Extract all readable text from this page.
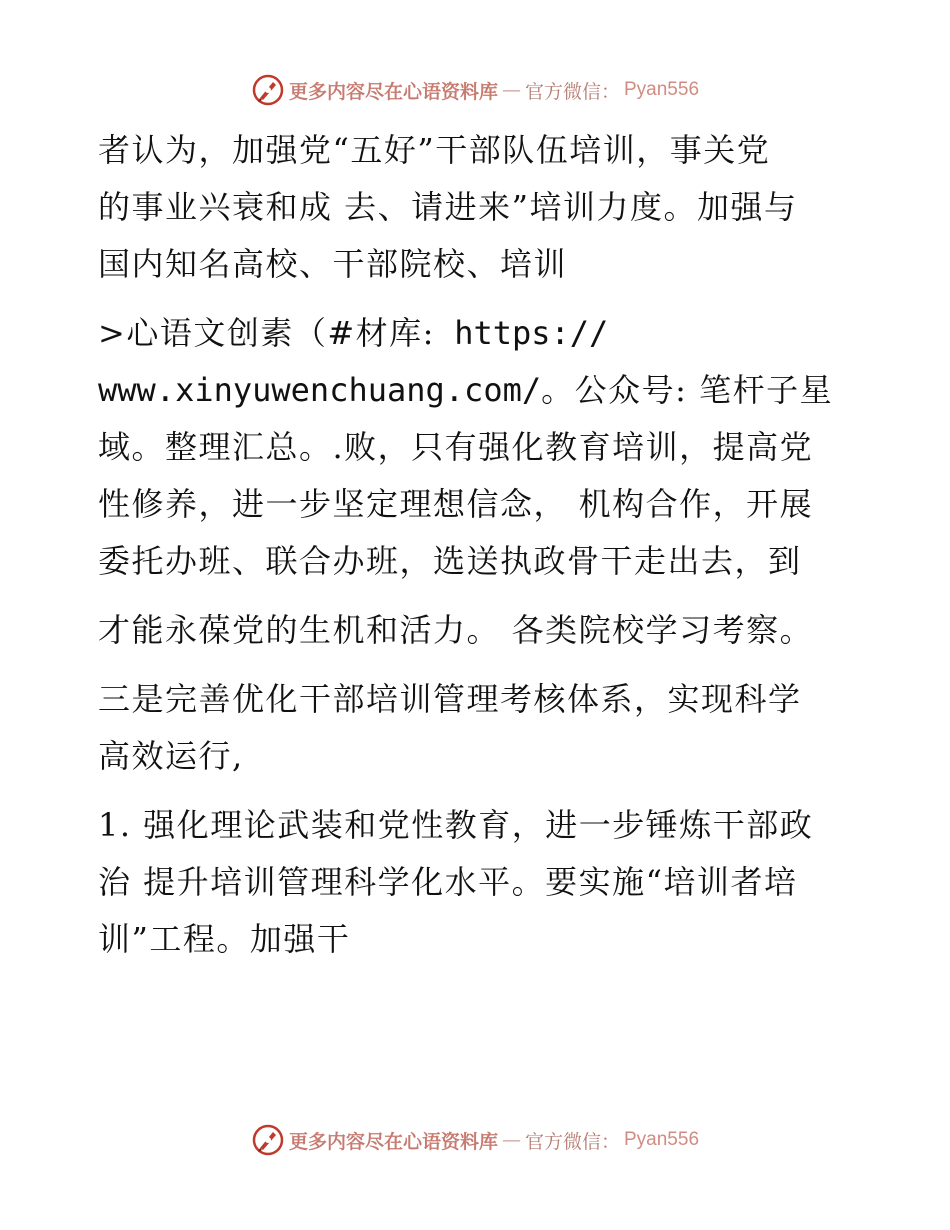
更多内容尽在心语资料库 — 官方微信： Pyan556

者认为，加强党“五好”干部队伍培训，事关党
的事业兴衰和成 去、请进来”培训力度。加强与
国内知名高校、干部院校、培训

>心语文创素（#材库: https://
www.xinyuwenchuang.com/。公众号: 笔杆子星
域。整理汇总。.败，只有强化教育培训，提高党
性修养，进一步坚定理想信念， 机构合作，开展
委托办班、联合办班，选送执政骨干走出去，到

才能永葆党的生机和活力。 各类院校学习考察。

三是完善优化干部培训管理考核体系，实现科学
高效运行,

1. 强化理论武装和党性教育，进一步锤炼干部政
治 提升培训管理科学化水平。要实施“培训者培
训”工程。加强干

更多内容尽在心语资料库 — 官方微信： Pyan556
